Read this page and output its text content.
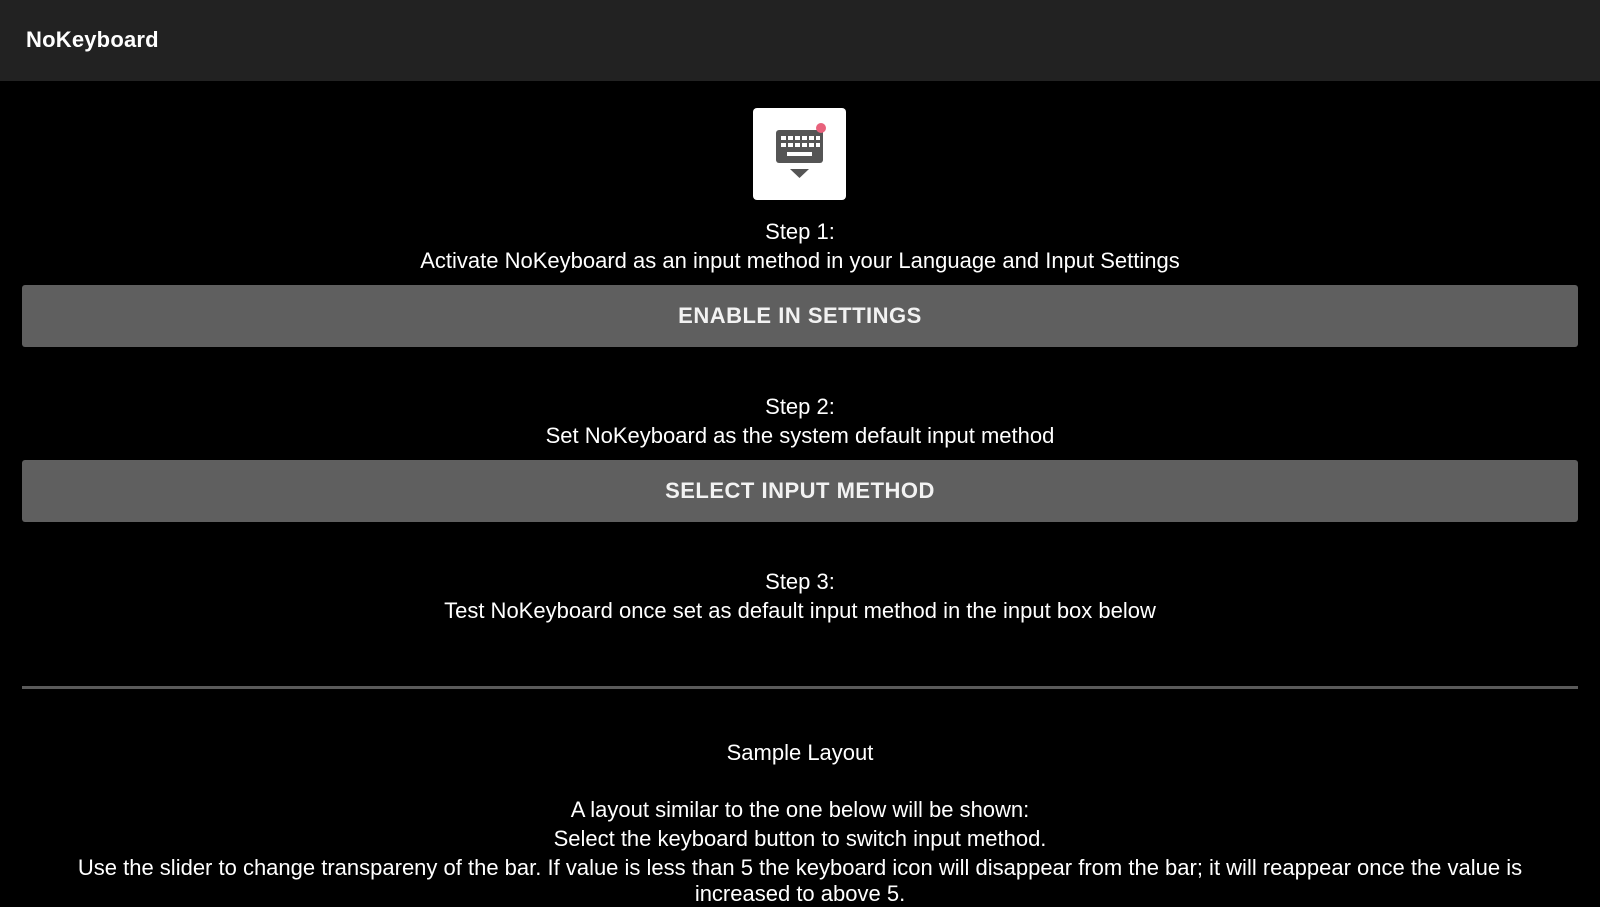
NoKeyboard
Step 1:
Activate NoKeyboard as an input method in your Language and Input Settings
ENABLE IN SETTINGS
Step 2:
Set NoKeyboard as the system default input method
SELECT INPUT METHOD
Step 3:
Test NoKeyboard once set as default input method in the input box below
Sample Layout
A layout similar to the one below will be shown:
Select the keyboard button to switch input method.
Use the slider to change transpareny of the bar. If value is less than 5 the keyboard icon will disappear from the bar; it will reappear once the value is
increased to above 5.
